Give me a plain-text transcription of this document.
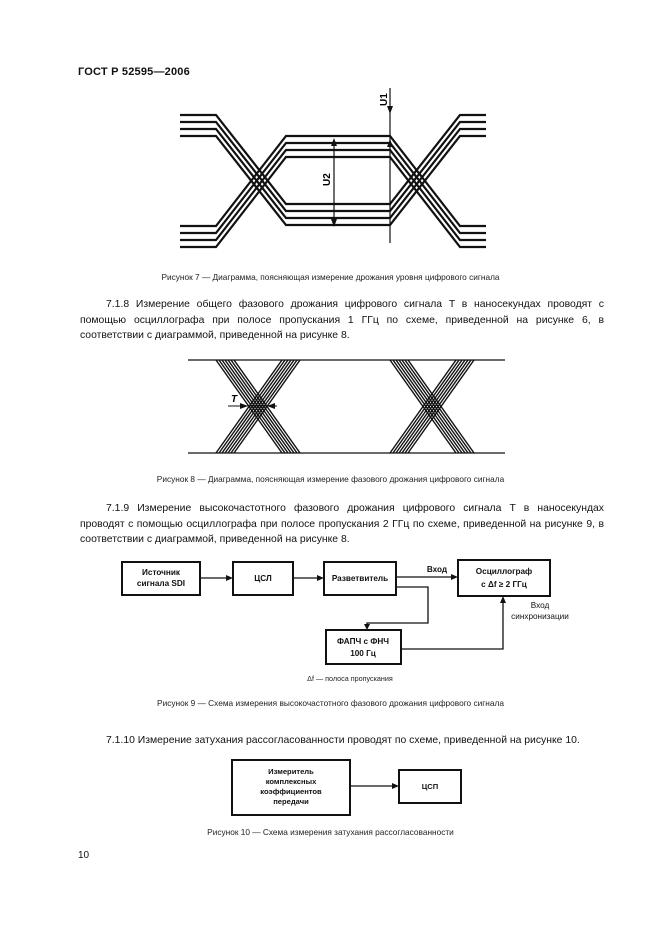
ГОСТ Р 52595—2006
U1
U2
Рисунок 7 — Диаграмма, поясняющая измерение дрожания уровня цифрового сигнала

7.1.8 Измерение общего фазового дрожания цифрового сигнала T в наносекундах проводят с помощью осциллографа при полосе пропускания 1 ГГц по схеме, приведенной на рисунке 6, в соответствии с диаграммой, приведенной на рисунке 8.

T
Рисунок 8 — Диаграмма, поясняющая измерение фазового дрожания цифрового сигнала

7.1.9 Измерение высокочастотного фазового дрожания цифрового сигнала T в наносекундах проводят с помощью осциллографа при полосе пропускания 2 ГГц по схеме, приведенной на рисунке 9, в соответствии с диаграммой, приведенной на рисунке 8.

Источник
сигнала SDI
ЦСЛ	Разветвитель
Вход	Осциллограф
с Δf ≥ 2 ГГц
Вход
синхронизации
ФАПЧ с ФНЧ
100 Гц
Δf — полоса пропускания
Рисунок 9 — Схема измерения высокочастотного фазового дрожания цифрового сигнала

7.1.10 Измерение затухания рассогласованности проводят по схеме, приведенной на рисунке 10.

Измеритель
комплексных
коэффициентов
передачи
ЦСП
Рисунок 10 — Схема измерения затухания рассогласованности
10
